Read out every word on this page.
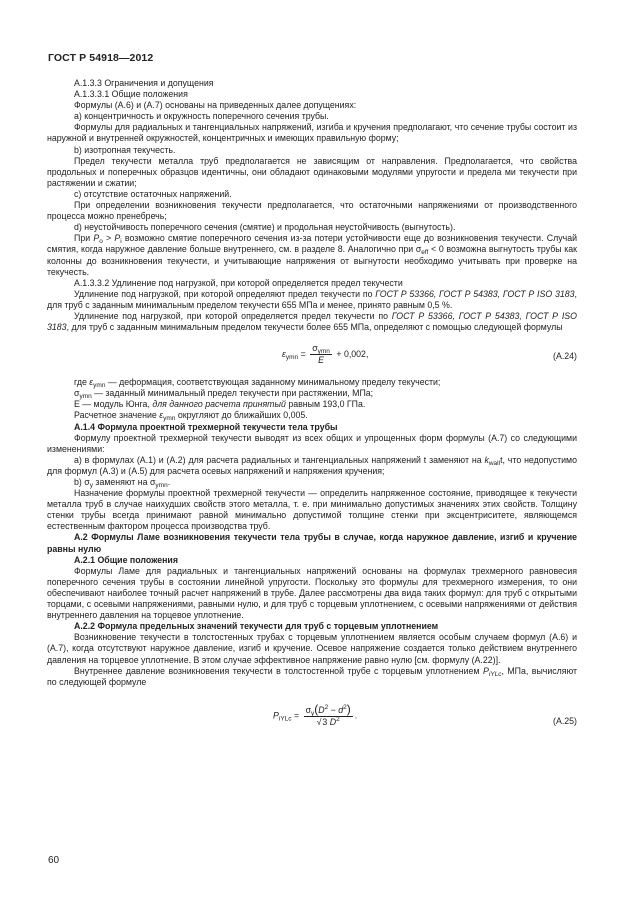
ГОСТ Р 54918—2012

А.1.3.3 Ограничения и допущения

А.1.3.3.1 Общие положения

Формулы (А.6) и (А.7) основаны на приведенных далее допущениях:

a) концентричность и окружность поперечного сечения трубы.

Формулы для радиальных и тангенциальных напряжений, изгиба и кручения предполагают, что сечение трубы состоит из наружной и внутренней окружностей, концентричных и имеющих правильную форму;

b) изотропная текучесть.

Предел текучести металла труб предполагается не зависящим от направления. Предполагается, что свойства продольных и поперечных образцов идентичны, они обладают одинаковыми модулями упругости и предела ми текучести при растяжении и сжатии;

c) отсутствие остаточных напряжений.

При определении возникновения текучести предполагается, что остаточными напряжениями от производственного процесса можно пренебречь;

d) неустойчивость поперечного сечения (смятие) и продольная неустойчивость (выгнутость).

При $P_o > P_i$ возможно смятие поперечного сечения из-за потери устойчивости еще до возникновения текучести. Случай смятия, когда наружное давление больше внутреннего, см. в разделе 8. Аналогично при $\sigma_{eff} < 0$ возможна выгнутость трубы как колонны до возникновения текучести, и учитывающие напряжения от выгнутости необходимо учитывать при проверке на текучесть.

А.1.3.3.2 Удлинение под нагрузкой, при которой определяется предел текучести

Удлинение под нагрузкой, при которой определяют предел текучести по ГОСТ Р 53366, ГОСТ Р 54383, ГОСТ Р ISO 3183, для труб с заданным минимальным пределом текучести 655 МПа и менее, принято равным 0,5 %.

Удлинение под нагрузкой, при которой определяется предел текучести по ГОСТ Р 53366, ГОСТ Р 54383, ГОСТ Р ISO 3183, для труб с заданным минимальным пределом текучести более 655 МПа, определяют с помощью следующей формулы

$\varepsilon_{ymn} = \frac{\sigma_{ymn}}{E} + 0,002$,	(А.24)

где $\varepsilon_{ymn}$ — деформация, соответствующая заданному минимальному пределу текучести;

$\sigma_{ymn}$ — заданный минимальный предел текучести при растяжении, МПа;

E — модуль Юнга, для данного расчета принятый равным 193,0 ГПа.

Расчетное значение $\varepsilon_{ymn}$ округляют до ближайших 0,005.

А.1.4 Формула проектной трехмерной текучести тела трубы

Формулу проектной трехмерной текучести выводят из всех общих и упрощенных форм формулы (А.7) со следующими изменениями:

a) в формулах (А.1) и (А.2) для расчета радиальных и тангенциальных напряжений t заменяют на $k_{wall}t$, что недопустимо для формул (А.3) и (А.5) для расчета осевых напряжений и напряжения кручения;

b) $\sigma_y$ заменяют на $\sigma_{ymn}$.

Назначение формулы проектной трехмерной текучести — определить напряженное состояние, приводящее к текучести металла труб в случае наихудших свойств этого металла, т. е. при минимально допустимых значениях этих свойств. Толщину стенки трубы всегда принимают равной минимально допустимой толщине стенки при эксцентриситете, являющемся естественным фактором процесса производства труб.

А.2 Формулы Ламе возникновения текучести тела трубы в случае, когда наружное давление, изгиб и кручение равны нулю

А.2.1 Общие положения

Формулы Ламе для радиальных и тангенциальных напряжений основаны на формулах трехмерного равновесия поперечного сечения трубы в состоянии линейной упругости. Поскольку это формулы для трехмерного измерения, то они обеспечивают наиболее точный расчет напряжений в трубе. Далее рассмотрены два вида таких формул: для труб с открытыми торцами, с осевыми напряжениями, равными нулю, и для труб с торцевым уплотнением, с осевыми напряжениями от действия внутреннего давления на торцевое уплотнение.

А.2.2 Формула предельных значений текучести для труб с торцевым уплотнением

Возникновение текучести в толстостенных трубах с торцевым уплотнением является особым случаем формул (А.6) и (А.7), когда отсутствуют наружное давление, изгиб и кручение. Осевое напряжение создается только действием внутреннего давления на торцевое уплотнение. В этом случае эффективное напряжение равно нулю [см. формулу (А.22)].

Внутреннее давление возникновения текучести в толстостенной трубе с торцевым уплотнением $P_{iYLc}$, МПа, вычисляют по следующей формуле

$P_{iYLc} = \frac{\sigma_y(D^2 - d^2)}{√3 D^2}$ .
(А.25)
60
